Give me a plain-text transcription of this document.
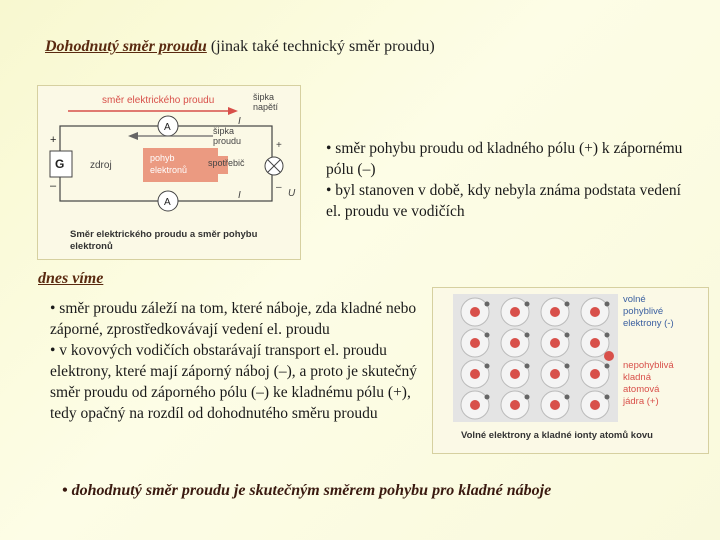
Dohodnutý směr proudu (jinak také technický směr proudu)
směr elektrického proudu	šipka
napětí
G
+
–
zdroj
A
A
šipka
proudu
pohyb
elektronů
spotřebič
+
–
U
I
I
Směr elektrického proudu a směr pohybu
elektronů
• směr pohybu proudu od kladného pólu (+) k zápornému pólu (–)
• byl stanoven v době, kdy nebyla známa podstata vedení el. proudu ve vodičích
dnes víme
• směr proudu záleží na tom, které náboje, zda kladné nebo záporné, zprostředkovávají vedení el. proudu
• v kovových vodičích obstarávají transport el. proudu elektrony, které mají záporný náboj (–), a proto je skutečný směr proudu od záporného pólu (–) ke kladnému pólu (+), tedy opačný na rozdíl od dohodnutého směru proudu
volné
pohyblivé
elektrony (-)
nepohyblivá
kladná
atomová
jádra (+)
Volné elektrony a kladné ionty atomů kovu
• dohodnutý směr proudu je skutečným směrem pohybu pro kladné náboje
